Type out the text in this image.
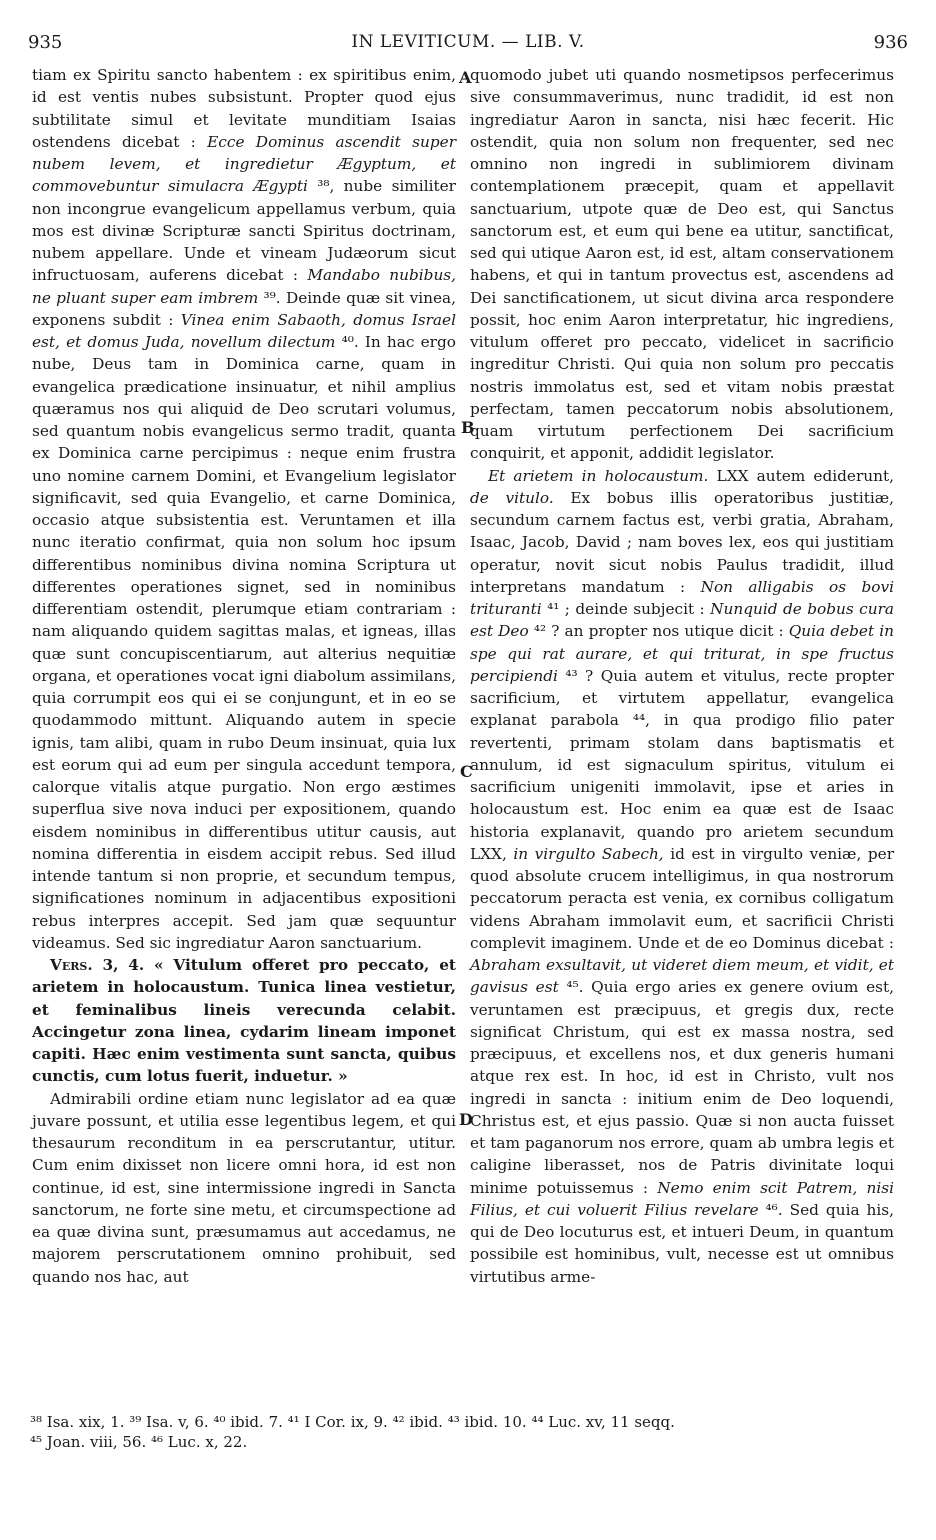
935	IN LEVITICUM. — LIB. V.	936
A
B
C
D

tiam ex Spiritu sancto habentem : ex spiritibus enim, id est ventis nubes subsistunt. Propter quod ejus subtilitate simul et levitate munditiam Isaias ostendens dicebat : Ecce Dominus ascendit super nubem levem, et ingredietur Ægyptum, et commovebuntur simulacra Ægypti ³⁸, nube similiter non incongrue evangelicum appellamus verbum, quia mos est divinæ Scripturæ sancti Spiritus doctrinam, nubem appellare. Unde et vineam Judæorum sicut infructuosam, auferens dicebat : Mandabo nubibus, ne pluant super eam imbrem ³⁹. Deinde quæ sit vinea, exponens subdit : Vinea enim Sabaoth, domus Israel est, et domus Juda, novellum dilectum ⁴⁰. In hac ergo nube, Deus tam in Dominica carne, quam in evangelica prædicatione insinuatur, et nihil amplius quæramus nos qui aliquid de Deo scrutari volumus, sed quantum nobis evangelicus sermo tradit, quanta ex Dominica carne percipimus : neque enim frustra uno nomine carnem Domini, et Evangelium legislator significavit, sed quia Evangelio, et carne Dominica, occasio atque subsistentia est. Veruntamen et illa nunc iteratio confirmat, quia non solum hoc ipsum differentibus nominibus divina nomina Scriptura ut differentes operationes signet, sed in nominibus differentiam ostendit, plerumque etiam contrariam : nam aliquando quidem sagittas malas, et igneas, illas quæ sunt concupiscentiarum, aut alterius nequitiæ organa, et operationes vocat igni diabolum assimilans, quia corrumpit eos qui ei se conjungunt, et in eo se quodammodo mittunt. Aliquando autem in specie ignis, tam alibi, quam in rubo Deum insinuat, quia lux est eorum qui ad eum per singula accedunt tempora, calorque vitalis atque purgatio. Non ergo æstimes superflua sive nova induci per expositionem, quando eisdem nominibus in differentibus utitur causis, aut nomina differentia in eisdem accipit rebus. Sed illud intende tantum si non proprie, et secundum tempus, significationes nominum in adjacentibus expositioni rebus interpres accepit. Sed jam quæ sequuntur videamus. Sed sic ingrediatur Aaron sanctuarium.

Vers. 3, 4. « Vitulum offeret pro peccato, et arietem in holocaustum. Tunica linea vestietur, et feminalibus lineis verecunda celabit. Accingetur zona linea, cydarim lineam imponet capiti. Hæc enim vestimenta sunt sancta, quibus cunctis, cum lotus fuerit, induetur. »

Admirabili ordine etiam nunc legislator ad ea quæ juvare possunt, et utilia esse legentibus legem, et qui thesaurum reconditum in ea perscrutantur, utitur. Cum enim dixisset non licere omni hora, id est non continue, id est, sine intermissione ingredi in Sancta sanctorum, ne forte sine metu, et circumspectione ad ea quæ divina sunt, præsumamus aut accedamus, ne majorem perscrutationem omnino prohibuit, sed quando nos hac, aut

quomodo jubet uti quando nosmetipsos perfecerimus sive consummaverimus, nunc tradidit, id est non ingrediatur Aaron in sancta, nisi hæc fecerit. Hic ostendit, quia non solum non frequenter, sed nec omnino non ingredi in sublimiorem divinam contemplationem præcepit, quam et appellavit sanctuarium, utpote quæ de Deo est, qui Sanctus sanctorum est, et eum qui bene ea utitur, sanctificat, sed qui utique Aaron est, id est, altam conservationem habens, et qui in tantum provectus est, ascendens ad Dei sanctificationem, ut sicut divina arca respondere possit, hoc enim Aaron interpretatur, hic ingrediens, vitulum offeret pro peccato, videlicet in sacrificio ingreditur Christi. Qui quia non solum pro peccatis nostris immolatus est, sed et vitam nobis præstat perfectam, tamen peccatorum nobis absolutionem, quam virtutum perfectionem Dei sacrificium conquirit, et apponit, addidit legislator.

Et arietem in holocaustum. LXX autem ediderunt, de vitulo. Ex bobus illis operatoribus justitiæ, secundum carnem factus est, verbi gratia, Abraham, Isaac, Jacob, David ; nam boves lex, eos qui justitiam operatur, novit sicut nobis Paulus tradidit, illud interpretans mandatum : Non alligabis os bovi trituranti ⁴¹ ; deinde subjecit : Nunquid de bobus cura est Deo ⁴² ? an propter nos utique dicit : Quia debet in spe qui rat aurare, et qui triturat, in spe fructus percipiendi ⁴³ ? Quia autem et vitulus, recte propter sacrificium, et virtutem appellatur, evangelica explanat parabola ⁴⁴, in qua prodigo filio pater revertenti, primam stolam dans baptismatis et annulum, id est signaculum spiritus, vitulum ei sacrificium unigeniti immolavit, ipse et aries in holocaustum est. Hoc enim ea quæ est de Isaac historia explanavit, quando pro arietem secundum LXX, in virgulto Sabech, id est in virgulto veniæ, per quod absolute crucem intelligimus, in qua nostrorum peccatorum peracta est venia, ex cornibus colligatum videns Abraham immolavit eum, et sacrificii Christi complevit imaginem. Unde et de eo Dominus dicebat : Abraham exsultavit, ut videret diem meum, et vidit, et gavisus est ⁴⁵. Quia ergo aries ex genere ovium est, veruntamen est præcipuus, et gregis dux, recte significat Christum, qui est ex massa nostra, sed præcipuus, et excellens nos, et dux generis humani atque rex est. In hoc, id est in Christo, vult nos ingredi in sancta : initium enim de Deo loquendi, Christus est, et ejus passio. Quæ si non aucta fuisset et tam paganorum nos errore, quam ab umbra legis et caligine liberasset, nos de Patris divinitate loqui minime potuissemus : Nemo enim scit Patrem, nisi Filius, et cui voluerit Filius revelare ⁴⁶. Sed quia his, qui de Deo locuturus est, et intueri Deum, in quantum possibile est hominibus, vult, necesse est ut omnibus virtutibus arme-

³⁸ Isa. xix, 1. ³⁹ Isa. v, 6. ⁴⁰ ibid. 7. ⁴¹ I Cor. ix, 9. ⁴² ibid. ⁴³ ibid. 10. ⁴⁴ Luc. xv, 11 seqq.
⁴⁵ Joan. viii, 56. ⁴⁶ Luc. x, 22.
